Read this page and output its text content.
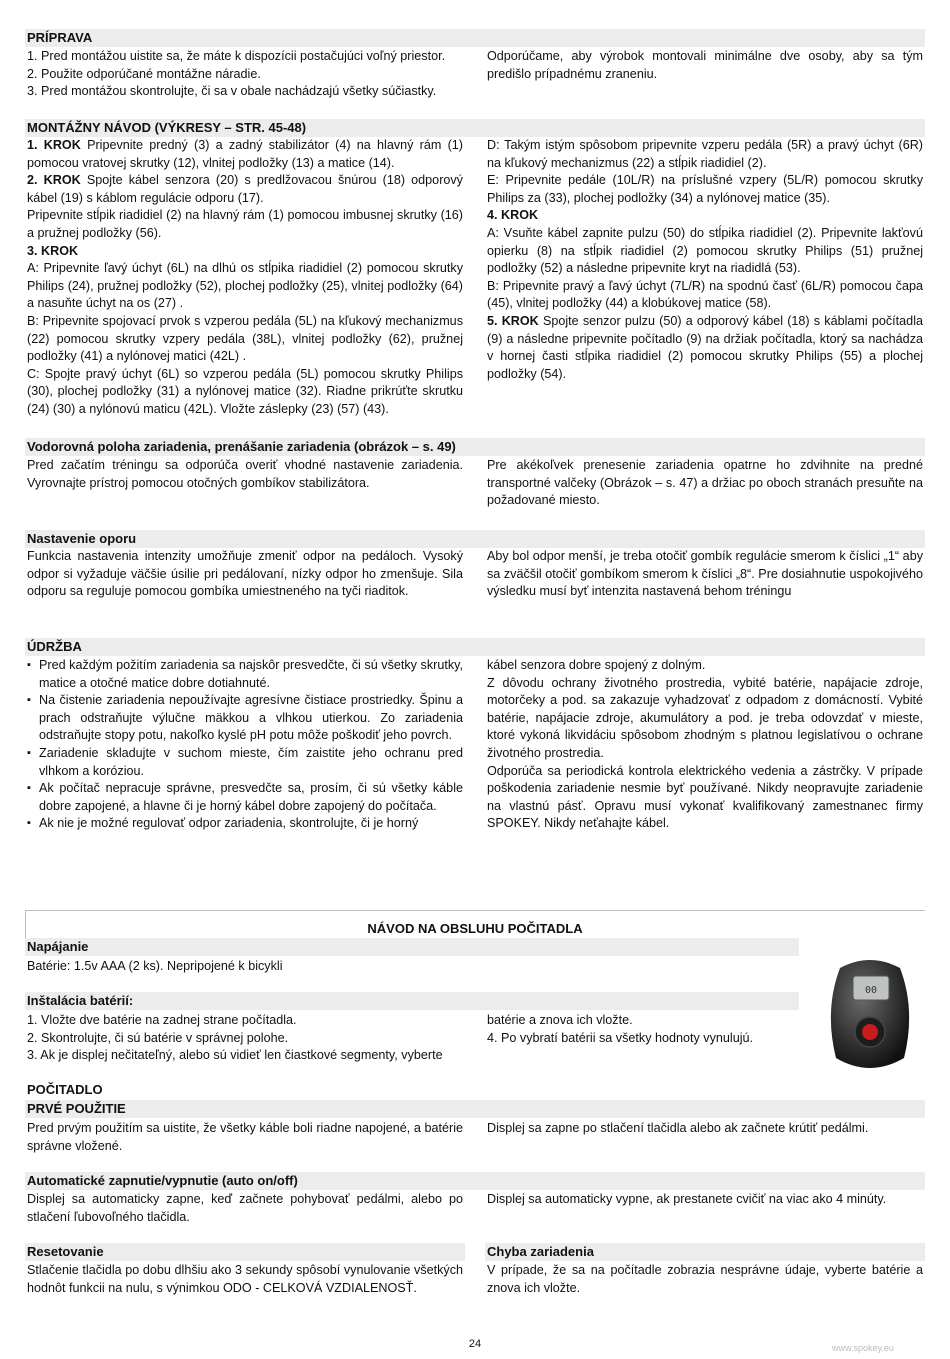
PRÍPRAVA

1. Pred montážou uistite sa, že máte k dispozícii postačujúci voľný priestor.

2. Použite odporúčané montážne náradie.

3. Pred montážou skontrolujte, či sa v obale nachádzajú všetky súčiastky.

Odporúčame, aby výrobok montovali minimálne dve osoby, aby sa tým predišlo prípadnému zraneniu.

MONTÁŽNY NÁVOD (VÝKRESY – STR. 45-48)

1. KROK Pripevnite predný (3) a zadný stabilizátor (4) na hlavný rám (1) pomocou vratovej skrutky (12), vlnitej podložky (13) a matice (14).

2. KROK Spojte kábel senzora (20) s predlžovacou šnúrou (18) odporový kábel (19) s káblom regulácie odporu (17).

Pripevnite stĺpik riadidiel (2) na hlavný rám (1) pomocou imbusnej skrutky (16) a pružnej podložky (56).

3. KROK

A: Pripevnite ľavý úchyt (6L) na dlhú os stĺpika riadidiel (2) pomocou skrutky Philips (24), pružnej podložky (52), plochej podložky (25), vlnitej podložky (64) a nasuňte úchyt na os (27) .

B: Pripevnite spojovací prvok s vzperou pedála (5L) na kľukový mechanizmus (22) pomocou skrutky vzpery pedála (38L), vlnitej podložky (62), pružnej podložky (41) a nylónovej matici (42L) .

C: Spojte pravý úchyt (6L) so vzperou pedála (5L) pomocou skrutky Philips (30), plochej podložky (31) a nylónovej matice (32). Riadne prikrúťte skrutku (24) (30) a nylónovú maticu (42L). Vložte záslepky (23) (57) (43).

D: Takým istým spôsobom pripevnite vzperu pedála (5R) a pravý úchyt (6R) na kľukový mechanizmus (22) a stĺpik riadidiel (2).

E: Pripevnite pedále (10L/R) na príslušné vzpery (5L/R) pomocou skrutky Philips za (33), plochej podložky (34) a nylónovej matice (35).

4. KROK

A: Vsuňte kábel zapnite pulzu (50) do stĺpika riadidiel (2). Pripevnite lakťovú opierku (8) na stĺpik riadidiel (2) pomocou skrutky Philips (51) pružnej podložky (52) a následne pripevnite kryt na riadidlá (53).

B: Pripevnite pravý a ľavý úchyt (7L/R) na spodnú časť (6L/R) pomocou čapa (45), vlnitej podložky (44) a klobúkovej matice (58).

5. KROK Spojte senzor pulzu (50) a odporový kábel (18) s káblami počítadla (9) a následne pripevnite počítadlo (9) na držiak počítadla, ktorý sa nachádza v hornej časti stĺpika riadidiel (2) pomocou skrutky Philips (55) a plochej podložky (54).

Vodorovná poloha zariadenia, prenášanie zariadenia (obrázok – s. 49)

Pred začatím tréningu sa odporúča overiť vhodné nastavenie zariadenia. Vyrovnajte prístroj pomocou otočných gombíkov stabilizátora.

Pre akékoľvek prenesenie zariadenia opatrne ho zdvihnite na predné transportné valčeky (Obrázok – s. 47) a držiac po oboch stranách presuňte na požadované miesto.

Nastavenie oporu

Funkcia nastavenia intenzity umožňuje zmeniť odpor na pedáloch. Vysoký odpor si vyžaduje väčšie úsilie pri pedálovaní, nízky odpor ho zmenšuje. Sila odporu sa reguluje pomocou gombíka umiestneného na tyči riaditok.

Aby bol odpor menší, je treba otočiť gombík regulácie smerom k číslici „1“ aby sa zväčšil otočiť gombíkom smerom k číslici „8“. Pre dosiahnutie uspokojivého výsledku musí byť intenzita nastavená behom tréningu

ÚDRŽBA
▪ Pred každým požitím zariadenia sa najskôr presvedčte, či sú všetky skrutky, matice a otočné matice dobre dotiahnuté.
▪ Na čistenie zariadenia nepoužívajte agresívne čistiace prostriedky. Špinu a prach odstraňujte výlučne mäkkou a vlhkou utierkou. Zo zariadenia odstraňujte stopy potu, nakoľko kyslé pH potu môže poškodiť jeho povrch.
▪ Zariadenie skladujte v suchom mieste, čím zaistite jeho ochranu pred vlhkom a koróziou.
▪ Ak počítač nepracuje správne, presvedčte sa, prosím, či sú všetky káble dobre zapojené, a hlavne či je horný kábel dobre zapojený do počítača.
▪ Ak nie je možné regulovať odpor zariadenia, skontrolujte, či je horný

kábel senzora dobre spojený z dolným.

Z dôvodu ochrany životného prostredia, vybité batérie, napájacie zdroje, motorčeky a pod. sa zakazuje vyhadzovať z odpadom z domácností. Vybité batérie, napájacie zdroje, akumulátory a pod. je treba odovzdať v mieste, ktoré vykoná likvidáciu spôsobom zhodným s platnou legislatívou o ochrane životného prostredia.

Odporúča sa periodická kontrola elektrického vedenia a zástrčky. V prípade poškodenia zariadenie nesmie byť používané. Nikdy neopravujte zariadenie na vlastnú pásť. Opravu musí vykonať kvalifikovaný zamestnanec firmy SPOKEY. Nikdy neťahajte kábel.

NÁVOD NA OBSLUHU POČITADLA
Napájanie
Batérie: 1.5v AAA (2 ks). Nepripojené k bicykli
Inštalácia batérií:

1. Vložte dve batérie na zadnej strane počítadla.

2. Skontrolujte, či sú batérie v správnej polohe.

3. Ak je displej nečitateľný, alebo sú vidieť len čiastkové segmenty, vyberte

batérie a znova ich vložte.

4. Po vybratí batérii sa všetky hodnoty vynulujú.

00
POČITADLO
PRVÉ POUŽITIE
Pred prvým použitím sa uistite, že všetky káble boli riadne napojené, a batérie správne vložené.
Displej sa zapne po stlačení tlačidla alebo ak začnete krútiť pedálmi.
Automatické zapnutie/vypnutie (auto on/off)
Displej sa automaticky zapne, keď začnete pohybovať pedálmi, alebo po stlačení ľubovoľného tlačidla.
Displej sa automaticky vypne, ak prestanete cvičiť na viac ako 4 minúty.
Resetovanie	Chyba zariadenia
Stlačenie tlačidla po dobu dlhšiu ako 3 sekundy spôsobí vynulovanie všetkých hodnôt funkcii na nulu, s výnimkou ODO - CELKOVÁ VZDIALENOSŤ.
V prípade, že sa na počítadle zobrazia nesprávne údaje, vyberte batérie a znova ich vložte.
24	www.spokey.eu
